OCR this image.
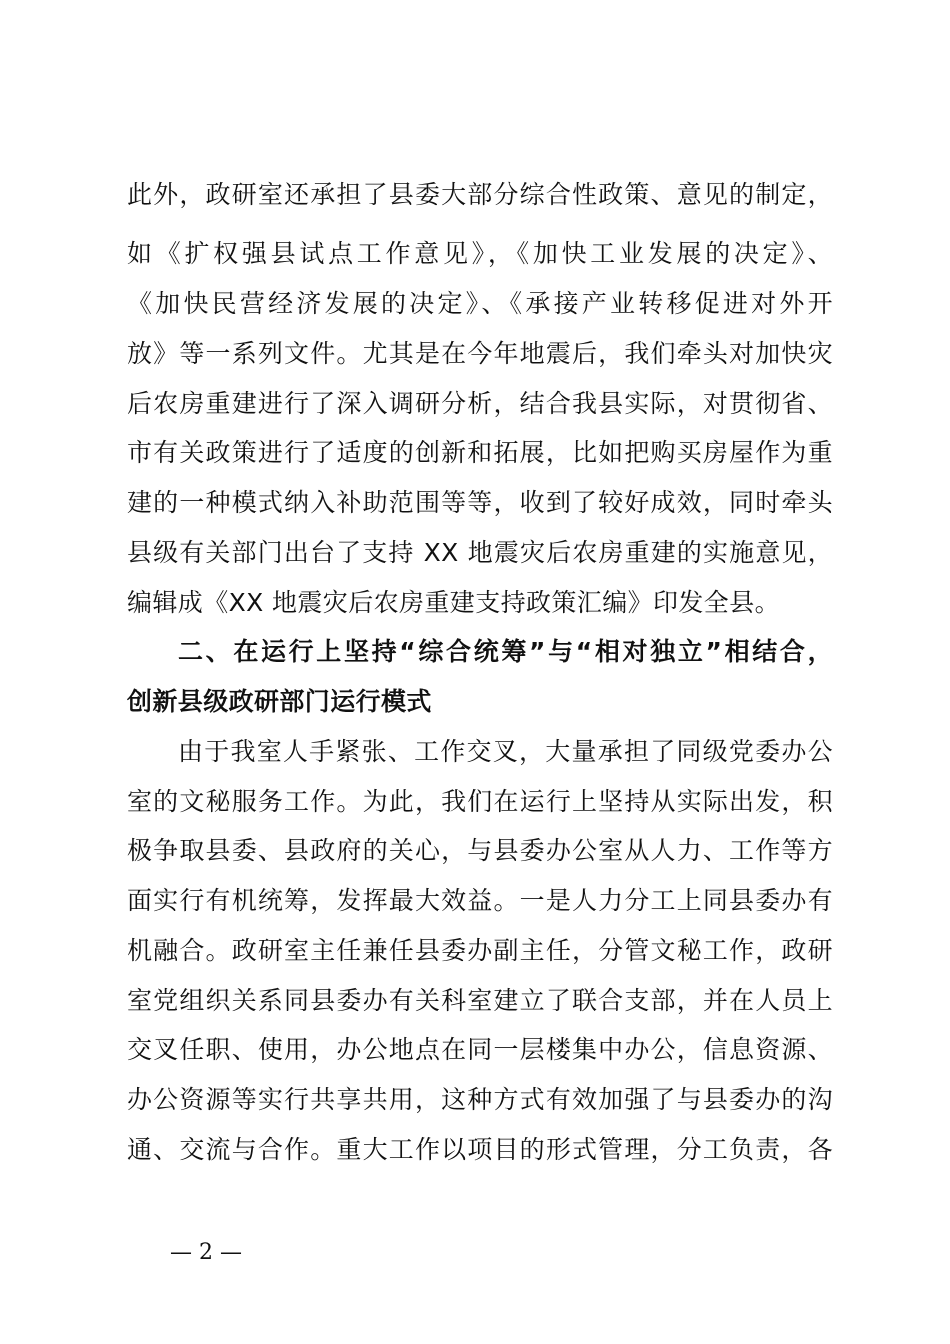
此外，政研室还承担了县委大部分综合性政策、意见的制定，
如《扩权强县试点工作意见》，《加快工业发展的决定》、
《加快民营经济发展的决定》、《承接产业转移促进对外开
放》等一系列文件。尤其是在今年地震后，我们牵头对加快灾
后农房重建进行了深入调研分析，结合我县实际，对贯彻省、
市有关政策进行了适度的创新和拓展，比如把购买房屋作为重
建的一种模式纳入补助范围等等，收到了较好成效，同时牵头
县级有关部门出台了支持 XX 地震灾后农房重建的实施意见，
编辑成《XX 地震灾后农房重建支持政策汇编》印发全县。
二、在运行上坚持“综合统筹”与“相对独立”相结合，
创新县级政研部门运行模式
由于我室人手紧张、工作交叉，大量承担了同级党委办公
室的文秘服务工作。为此，我们在运行上坚持从实际出发，积
极争取县委、县政府的关心，与县委办公室从人力、工作等方
面实行有机统筹，发挥最大效益。一是人力分工上同县委办有
机融合。政研室主任兼任县委办副主任，分管文秘工作，政研
室党组织关系同县委办有关科室建立了联合支部，并在人员上
交叉任职、使用，办公地点在同一层楼集中办公，信息资源、
办公资源等实行共享共用，这种方式有效加强了与县委办的沟
通、交流与合作。重大工作以项目的形式管理，分工负责，各
— 2 —
